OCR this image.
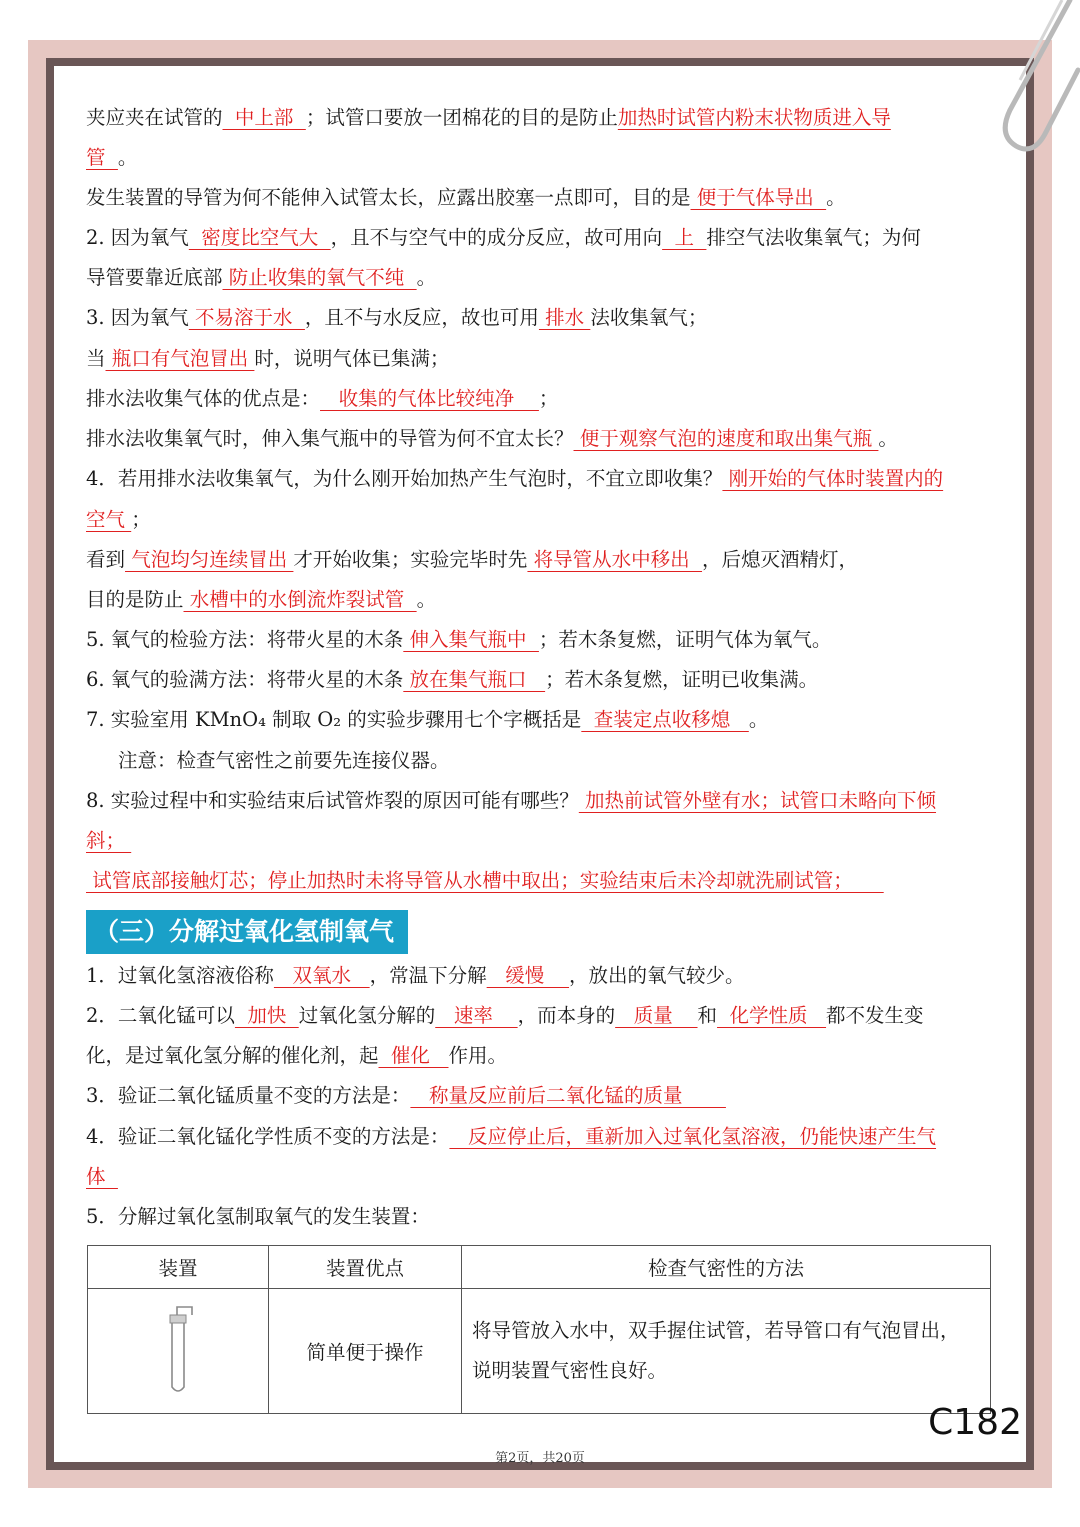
夹应夹在试管的  中上部  ；试管口要放一团棉花的目的是防止加热时试管内粉末状物质进入导
管  。
发生装置的导管为何不能伸入试管太长，应露出胶塞一点即可，目的是 便于气体导出  。
2. 因为氧气  密度比空气大  ，且不与空气中的成分反应，故可用向  上  排空气法收集氧气；为何
导管要靠近底部 防止收集的氧气不纯  。
3. 因为氧气 不易溶于水  ，且不与水反应，故也可用 排水 法收集氧气；
当 瓶口有气泡冒出 时，说明气体已集满；
排水法收集气体的优点是：   收集的气体比较纯净    ；
排水法收集氧气时，伸入集气瓶中的导管为何不宜太长？ 便于观察气泡的速度和取出集气瓶 。
4．若用排水法收集氧气，为什么刚开始加热产生气泡时，不宜立即收集？ 刚开始的气体时装置内的
空气 ；
看到 气泡均匀连续冒出 才开始收集；实验完毕时先 将导管从水中移出  ，后熄灭酒精灯，
目的是防止 水槽中的水倒流炸裂试管  。
5. 氧气的检验方法：将带火星的木条 伸入集气瓶中  ；若木条复燃，证明气体为氧气。
6. 氧气的验满方法：将带火星的木条 放在集气瓶口   ；若木条复燃，证明已收集满。
7. 实验室用 KMnO₄ 制取 O₂ 的实验步骤用七个字概括是  查装定点收移熄   。
注意：检查气密性之前要先连接仪器。
8. 实验过程中和实验结束后试管炸裂的原因可能有哪些？ 加热前试管外壁有水；试管口未略向下倾
斜；
试管底部接触灯芯；停止加热时未将导管从水槽中取出；实验结束后未冷却就洗刷试管；
1．过氧化氢溶液俗称   双氧水   ，常温下分解   缓慢    ，放出的氧气较少。
2．二氧化锰可以  加快  过氧化氢分解的   速率    ，而本身的   质量    和  化学性质   都不发生变
化，是过氧化氢分解的催化剂，起  催化   作用。
3．验证二氧化锰质量不变的方法是：   称量反应前后二氧化锰的质量
4．验证二氧化锰化学性质不变的方法是：   反应停止后，重新加入过氧化氢溶液，仍能快速产生气
体
5．分解过氧化氢制取氧气的发生装置：
（三）分解过氧化氢制氧气
装置	装置优点	检查气密性的方法
	简单便于操作	将导管放入水中，双手握住试管，若导管口有气泡冒出，
说明装置气密性良好。
C182
第2页，共20页
